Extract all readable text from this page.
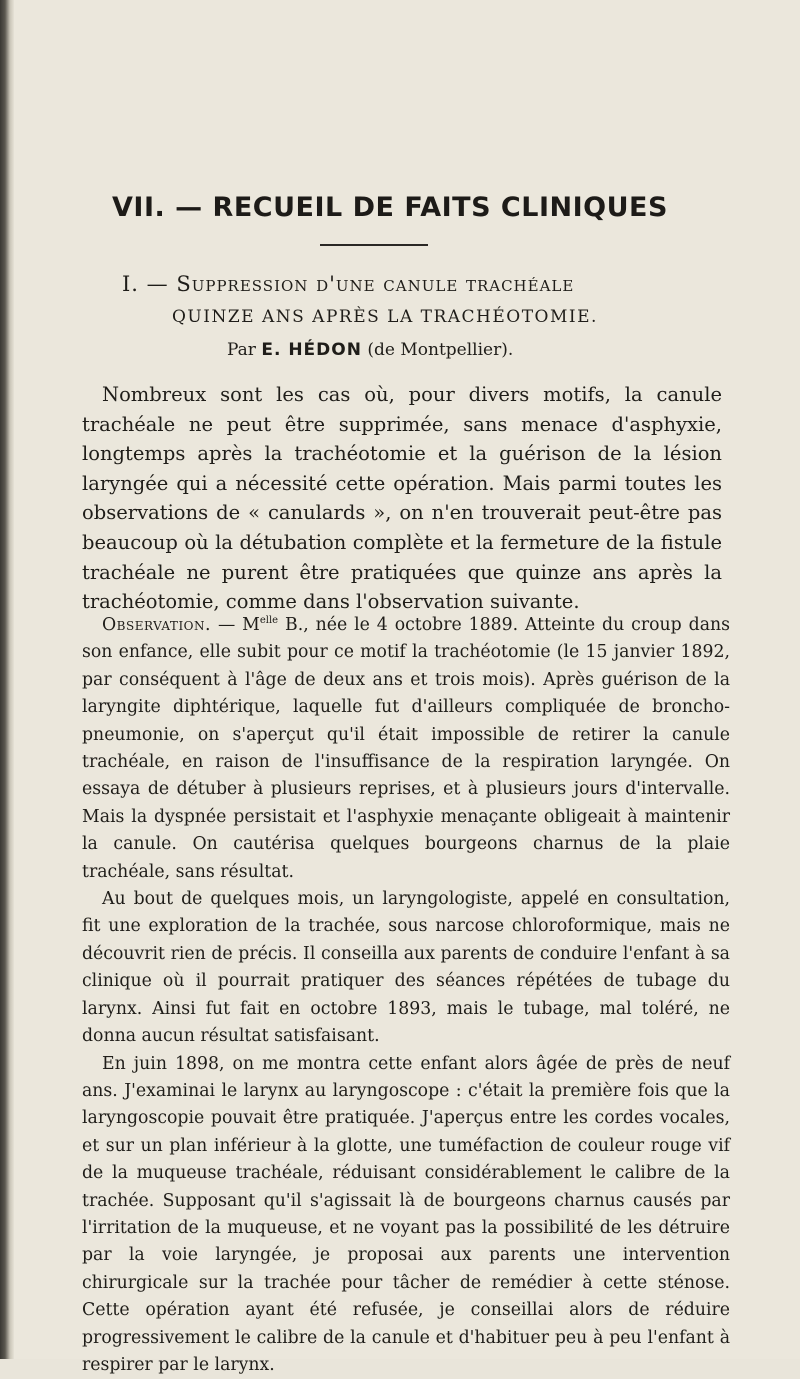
VII. — RECUEIL DE FAITS CLINIQUES
I. — Suppression d'une canule trachéale
QUINZE ANS APRÈS LA TRACHÉOTOMIE.
Par E. HÉDON (de Montpellier).

Nombreux sont les cas où, pour divers motifs, la canule trachéale ne peut être supprimée, sans menace d'asphyxie, longtemps après la trachéotomie et la guérison de la lésion laryngée qui a nécessité cette opération. Mais parmi toutes les observations de « canulards », on n'en trouverait peut-être pas beaucoup où la détubation complète et la fermeture de la fistule trachéale ne purent être pratiquées que quinze ans après la trachéotomie, comme dans l'observation suivante.

Observation. — $M^{elle}$ B., née le 4 octobre 1889. Atteinte du croup dans son enfance, elle subit pour ce motif la trachéotomie (le 15 janvier 1892, par conséquent à l'âge de deux ans et trois mois). Après guérison de la laryngite diphtérique, laquelle fut d'ailleurs compliquée de broncho-pneumonie, on s'aperçut qu'il était impossible de retirer la canule trachéale, en raison de l'insuffisance de la respiration laryngée. On essaya de détuber à plusieurs reprises, et à plusieurs jours d'intervalle. Mais la dyspnée persistait et l'asphyxie menaçante obligeait à maintenir la canule. On cautérisa quelques bourgeons charnus de la plaie trachéale, sans résultat.

Au bout de quelques mois, un laryngologiste, appelé en consultation, fit une exploration de la trachée, sous narcose chloroformique, mais ne découvrit rien de précis. Il conseilla aux parents de conduire l'enfant à sa clinique où il pourrait pratiquer des séances répétées de tubage du larynx. Ainsi fut fait en octobre 1893, mais le tubage, mal toléré, ne donna aucun résultat satisfaisant.

En juin 1898, on me montra cette enfant alors âgée de près de neuf ans. J'examinai le larynx au laryngoscope : c'était la première fois que la laryngoscopie pouvait être pratiquée. J'aperçus entre les cordes vocales, et sur un plan inférieur à la glotte, une tuméfaction de couleur rouge vif de la muqueuse trachéale, réduisant considérablement le calibre de la trachée. Supposant qu'il s'agissait là de bourgeons charnus causés par l'irritation de la muqueuse, et ne voyant pas la possibilité de les détruire par la voie laryngée, je proposai aux parents une intervention chirurgicale sur la trachée pour tâcher de remédier à cette sténose. Cette opération ayant été refusée, je conseillai alors de réduire progressivement le calibre de la canule et d'habituer peu à peu l'enfant à respirer par le larynx.
